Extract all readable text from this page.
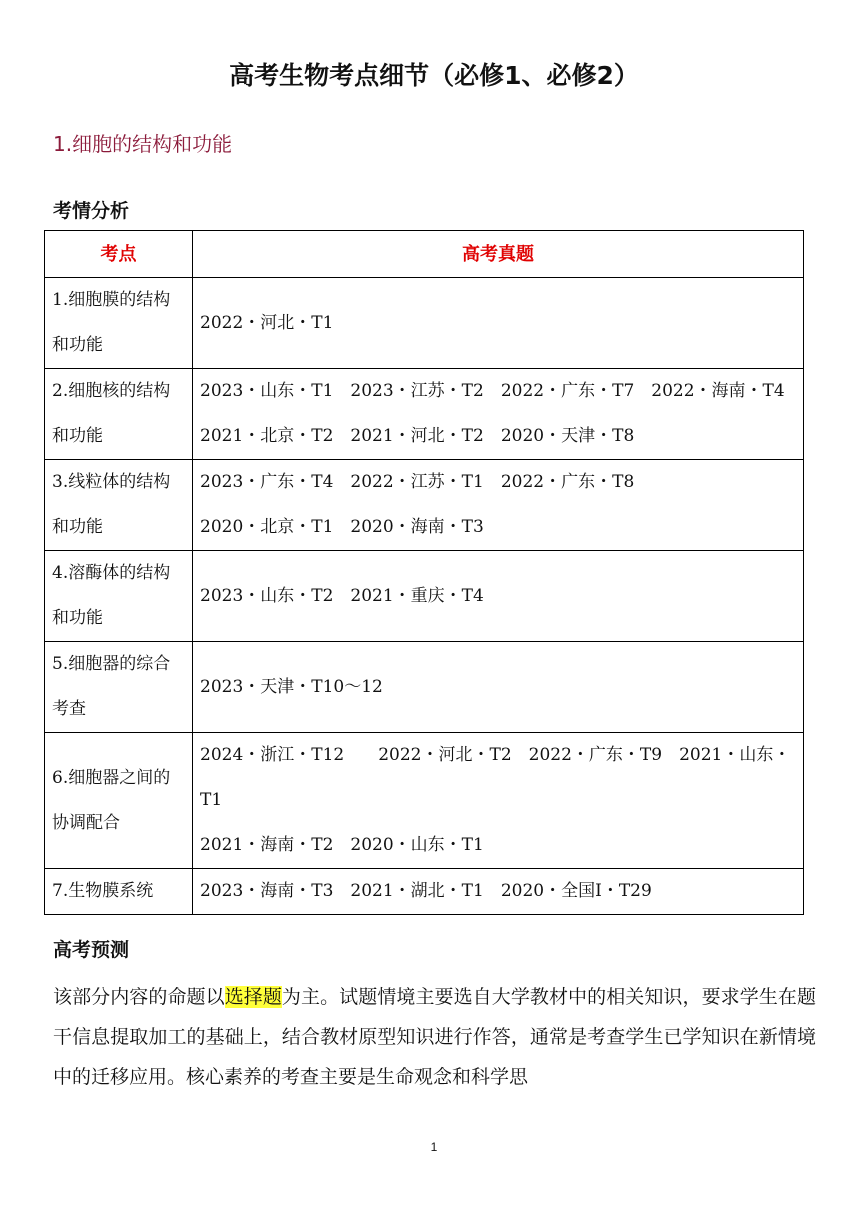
高考生物考点细节（必修1、必修2）
1.细胞的结构和功能
考情分析
考点	高考真题
1.细胞膜的结构和功能	2022・河北・T1

2.细胞核的结构和功能	2023・山东・T1　2023・江苏・T2　2022・广东・T7　2022・海南・T4　2021・北京・T2　2021・河北・T2　2020・天津・T8

3.线粒体的结构和功能	2023・广东・T4　2022・江苏・T1　2022・广东・T8
2020・北京・T1　2020・海南・T3

4.溶酶体的结构和功能	2023・山东・T2　2021・重庆・T4

5.细胞器的综合考查	2023・天津・T10～12

6.细胞器之间的协调配合	2024・浙江・T12　　2022・河北・T2　2022・广东・T9　2021・山东・T1
2021・海南・T2　2020・山东・T1

7.生物膜系统	2023・海南・T3　2021・湖北・T1　2020・全国Ⅰ・T29
高考预测
该部分内容的命题以选择题为主。试题情境主要选自大学教材中的相关知识，要求学生在题干信息提取加工的基础上，结合教材原型知识进行作答，通常是考查学生已学知识在新情境中的迁移应用。核心素养的考查主要是生命观念和科学思
1
